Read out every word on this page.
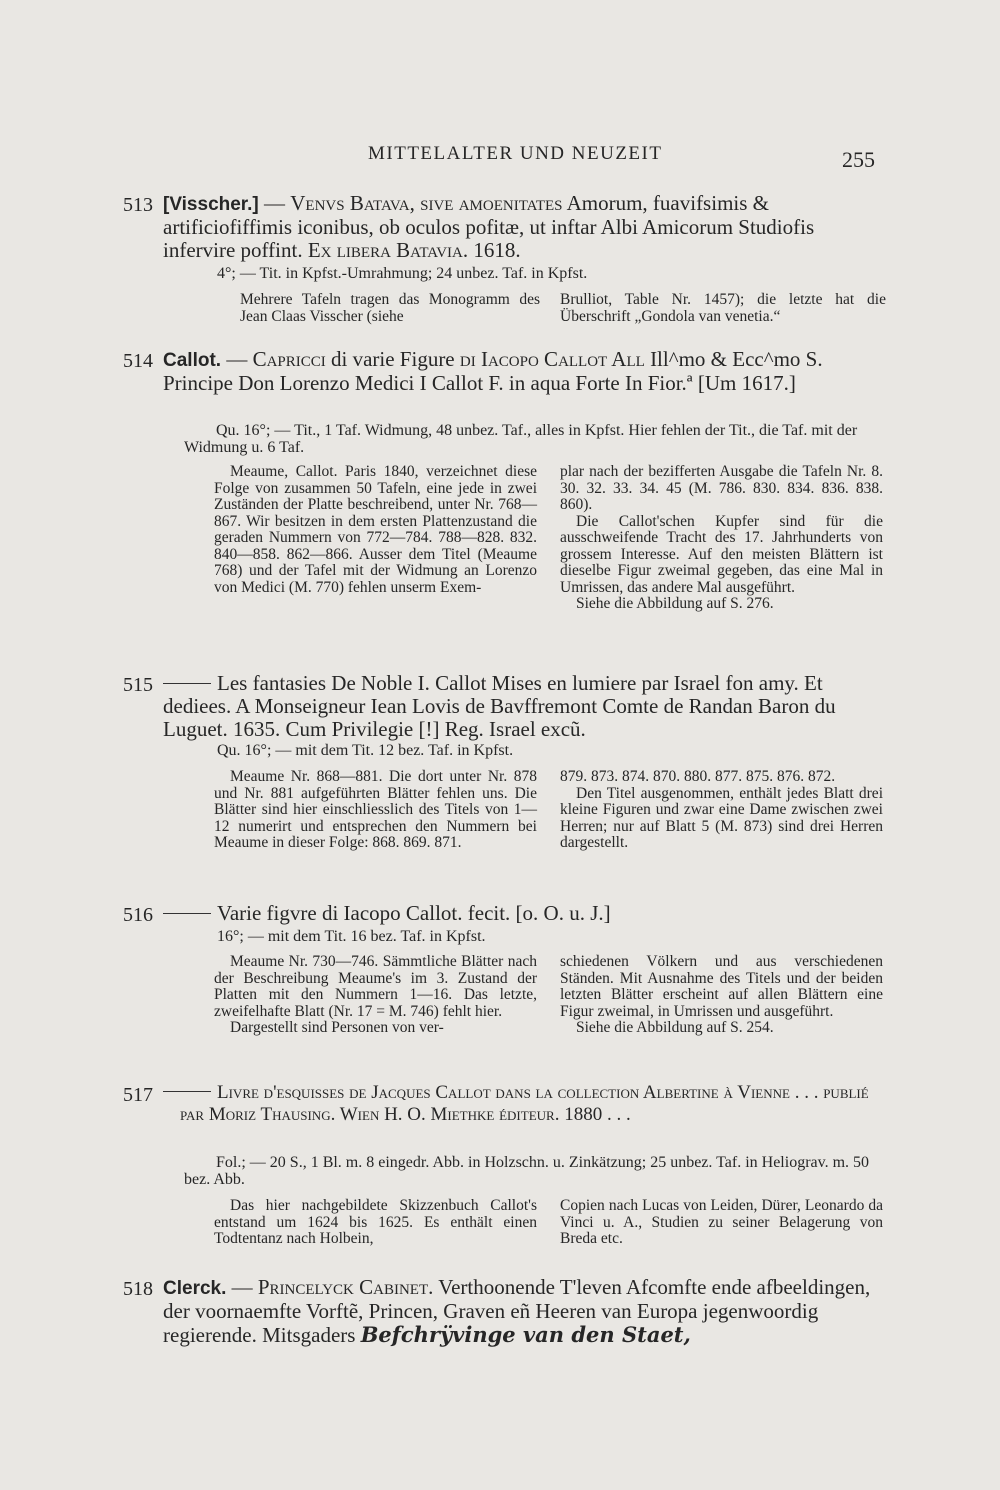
MITTELALTER UND NEUZEIT	255
513 [Visscher.] — Venvs Batava, sive amoenitates Amorum, fuavifsimis & artificiofiffimis iconibus, ob oculos pofitæ, ut inftar Albi Amicorum Studiofis infervire poffint. Ex libera Batavia. 1618.

4°; — Tit. in Kpfst.-Umrahmung; 24 unbez. Taf. in Kpfst.

Mehrere Tafeln tragen das Monogramm des Jean Claas Visscher (siehe

Brulliot, Table Nr. 1457); die letzte hat die Überschrift „Gondola van venetia.“

514 Callot. — Capricci di varie Figure di Iacopo Callot All Ill^mo & Ecc^mo S. Principe Don Lorenzo Medici I Callot F. in aqua Forte In Fior.ª [Um 1617.]

Qu. 16°; — Tit., 1 Taf. Widmung, 48 unbez. Taf., alles in Kpfst. Hier fehlen der Tit., die Taf. mit der Widmung u. 6 Taf.

Meaume, Callot. Paris 1840, verzeichnet diese Folge von zusammen 50 Tafeln, eine jede in zwei Zuständen der Platte beschreibend, unter Nr. 768—867. Wir besitzen in dem ersten Plattenzustand die geraden Nummern von 772—784. 788—828. 832. 840—858. 862—866. Ausser dem Titel (Meaume 768) und der Tafel mit der Widmung an Lorenzo von Medici (M. 770) fehlen unserm Exem-

plar nach der bezifferten Ausgabe die Tafeln Nr. 8. 30. 32. 33. 34. 45 (M. 786. 830. 834. 836. 838. 860).

Die Callot'schen Kupfer sind für die ausschweifende Tracht des 17. Jahrhunderts von grossem Interesse. Auf den meisten Blättern ist dieselbe Figur zweimal gegeben, das eine Mal in Umrissen, das andere Mal ausgeführt.

Siehe die Abbildung auf S. 276.

515	Les fantasies De Noble I. Callot Mises en lumiere par Israel fon amy. Et dediees. A Monseigneur Iean Lovis de Bavffremont Comte de Randan Baron du Luguet. 1635. Cum Privilegie [!] Reg. Israel excũ.

Qu. 16°; — mit dem Tit. 12 bez. Taf. in Kpfst.

Meaume Nr. 868—881. Die dort unter Nr. 878 und Nr. 881 aufgeführten Blätter fehlen uns. Die Blätter sind hier einschliesslich des Titels von 1—12 numerirt und entsprechen den Nummern bei Meaume in dieser Folge: 868. 869. 871.

879. 873. 874. 870. 880. 877. 875. 876. 872.

Den Titel ausgenommen, enthält jedes Blatt drei kleine Figuren und zwar eine Dame zwischen zwei Herren; nur auf Blatt 5 (M. 873) sind drei Herren dargestellt.

516	Varie figvre di Iacopo Callot. fecit. [o. O. u. J.]

16°; — mit dem Tit. 16 bez. Taf. in Kpfst.

Meaume Nr. 730—746. Sämmtliche Blätter nach der Beschreibung Meaume's im 3. Zustand der Platten mit den Nummern 1—16. Das letzte, zweifelhafte Blatt (Nr. 17 = M. 746) fehlt hier.

Dargestellt sind Personen von ver-

schiedenen Völkern und aus verschiedenen Ständen. Mit Ausnahme des Titels und der beiden letzten Blätter erscheint auf allen Blättern eine Figur zweimal, in Umrissen und ausgeführt.

Siehe die Abbildung auf S. 254.

517	Livre d'esquisses de Jacques Callot dans la collection Albertine à Vienne . . . publié par Moriz Thausing. Wien H. O. Miethke éditeur. 1880 . . .

Fol.; — 20 S., 1 Bl. m. 8 eingedr. Abb. in Holzschn. u. Zinkätzung; 25 unbez. Taf. in Heliograv. m. 50 bez. Abb.

Das hier nachgebildete Skizzenbuch Callot's entstand um 1624 bis 1625. Es enthält einen Todtentanz nach Holbein,

Copien nach Lucas von Leiden, Dürer, Leonardo da Vinci u. A., Studien zu seiner Belagerung von Breda etc.

518 Clerck. — Princelyck Cabinet. Verthoonende T'leven Afcomfte ende afbeeldingen, der voornaemfte Vorftẽ, Princen, Graven eñ Heeren van Europa jegenwoordig regierende. Mitsgaders Befchrÿvinge van den Staet,
